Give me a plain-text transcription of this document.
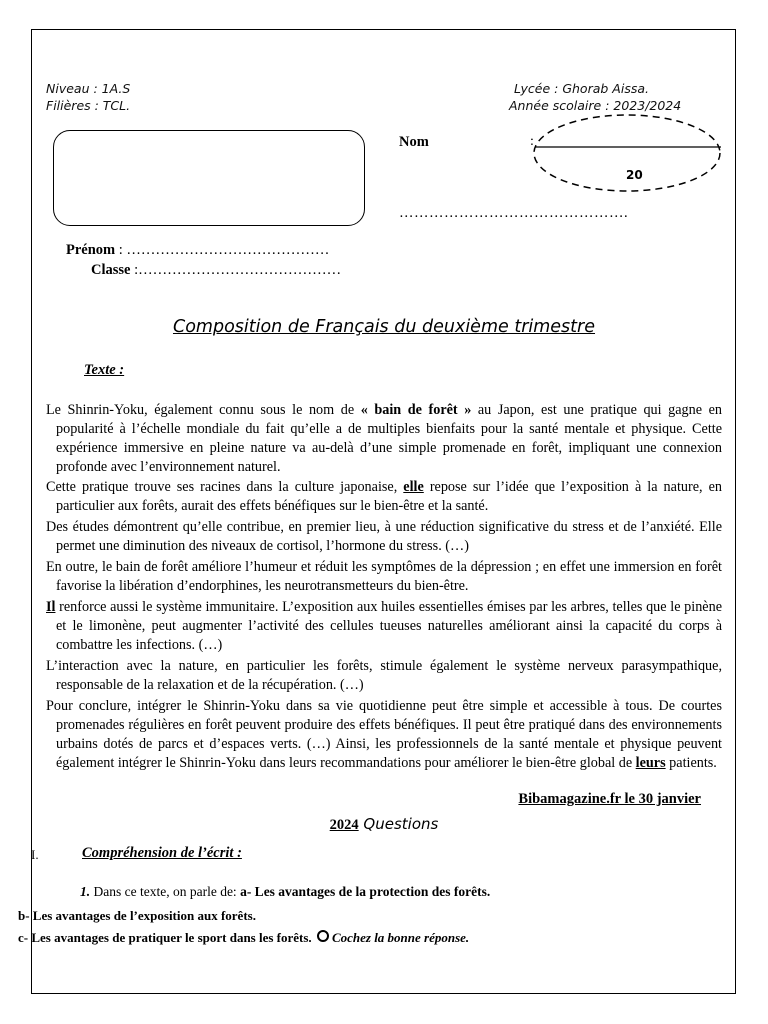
Niveau : 1A.S
Filières : TCL.
Lycée : Ghorab Aissa.
Année scolaire : 2023/2024
Nom	:
20
……………………………………….
Prénom : ……………………………………
Classe :……………………………………
Composition de Français du deuxième trimestre
Texte :
Le Shinrin-Yoku, également connu sous le nom de « bain de forêt » au Japon, est une pratique qui gagne en popularité à l’échelle mondiale du fait qu’elle a de multiples bienfaits pour la santé mentale et physique. Cette expérience immersive en pleine nature va au-delà d’une simple promenade en forêt, impliquant une connexion profonde avec l’environnement naturel.
Cette pratique trouve ses racines dans la culture japonaise, elle repose sur l’idée que l’exposition à la nature, en particulier aux forêts, aurait des effets bénéfiques sur le bien-être et la santé.
Des études démontrent qu’elle contribue, en premier lieu, à une réduction significative du stress et de l’anxiété. Elle permet une diminution des niveaux de cortisol, l’hormone du stress. (…)
En outre, le bain de forêt améliore l’humeur et réduit les symptômes de la dépression ; en effet une immersion en forêt favorise la libération d’endorphines, les neurotransmetteurs du bien-être.
Il renforce aussi le système immunitaire. L’exposition aux huiles essentielles émises par les arbres, telles que le pinène et le limonène, peut augmenter l’activité des cellules tueuses naturelles améliorant ainsi la capacité du corps à combattre les infections. (…)
L’interaction avec la nature, en particulier les forêts, stimule également le système nerveux parasympathique, responsable de la relaxation et de la récupération. (…)
Pour conclure, intégrer le Shinrin-Yoku dans sa vie quotidienne peut être simple et accessible à tous. De courtes promenades régulières en forêt peuvent produire des effets bénéfiques. Il peut être pratiqué dans des environnements urbains dotés de parcs et d’espaces verts. (…) Ainsi, les professionnels de la santé mentale et physique peuvent également intégrer le Shinrin-Yoku dans leurs recommandations pour améliorer le bien-être global de leurs patients.
Bibamagazine.fr le 30 janvier
2024 Questions
I.	Compréhension de l’écrit :
1. Dans ce texte, on parle de: a- Les avantages de la protection des forêts.
b- Les avantages de l’exposition aux forêts.
c- Les avantages de pratiquer le sport dans les forêts. Cochez la bonne réponse.
